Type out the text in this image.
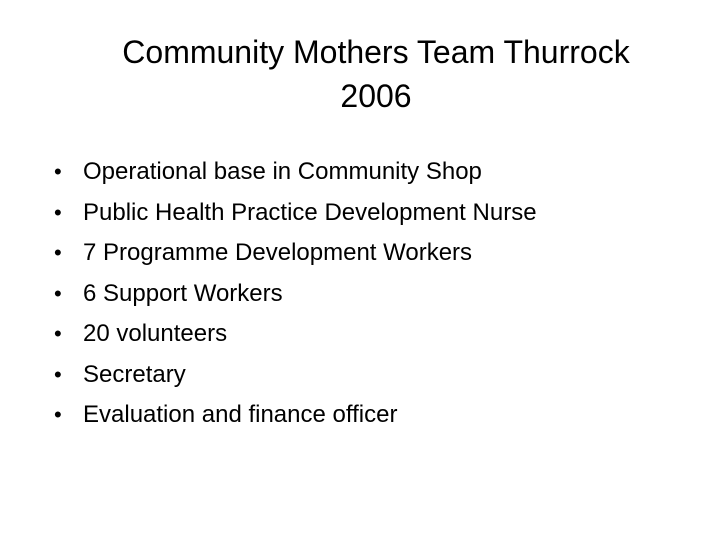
Community Mothers Team Thurrock
2006
• Operational base in Community Shop
• Public Health Practice Development Nurse
• 7 Programme Development Workers
• 6 Support Workers
• 20 volunteers
• Secretary
• Evaluation and finance officer
